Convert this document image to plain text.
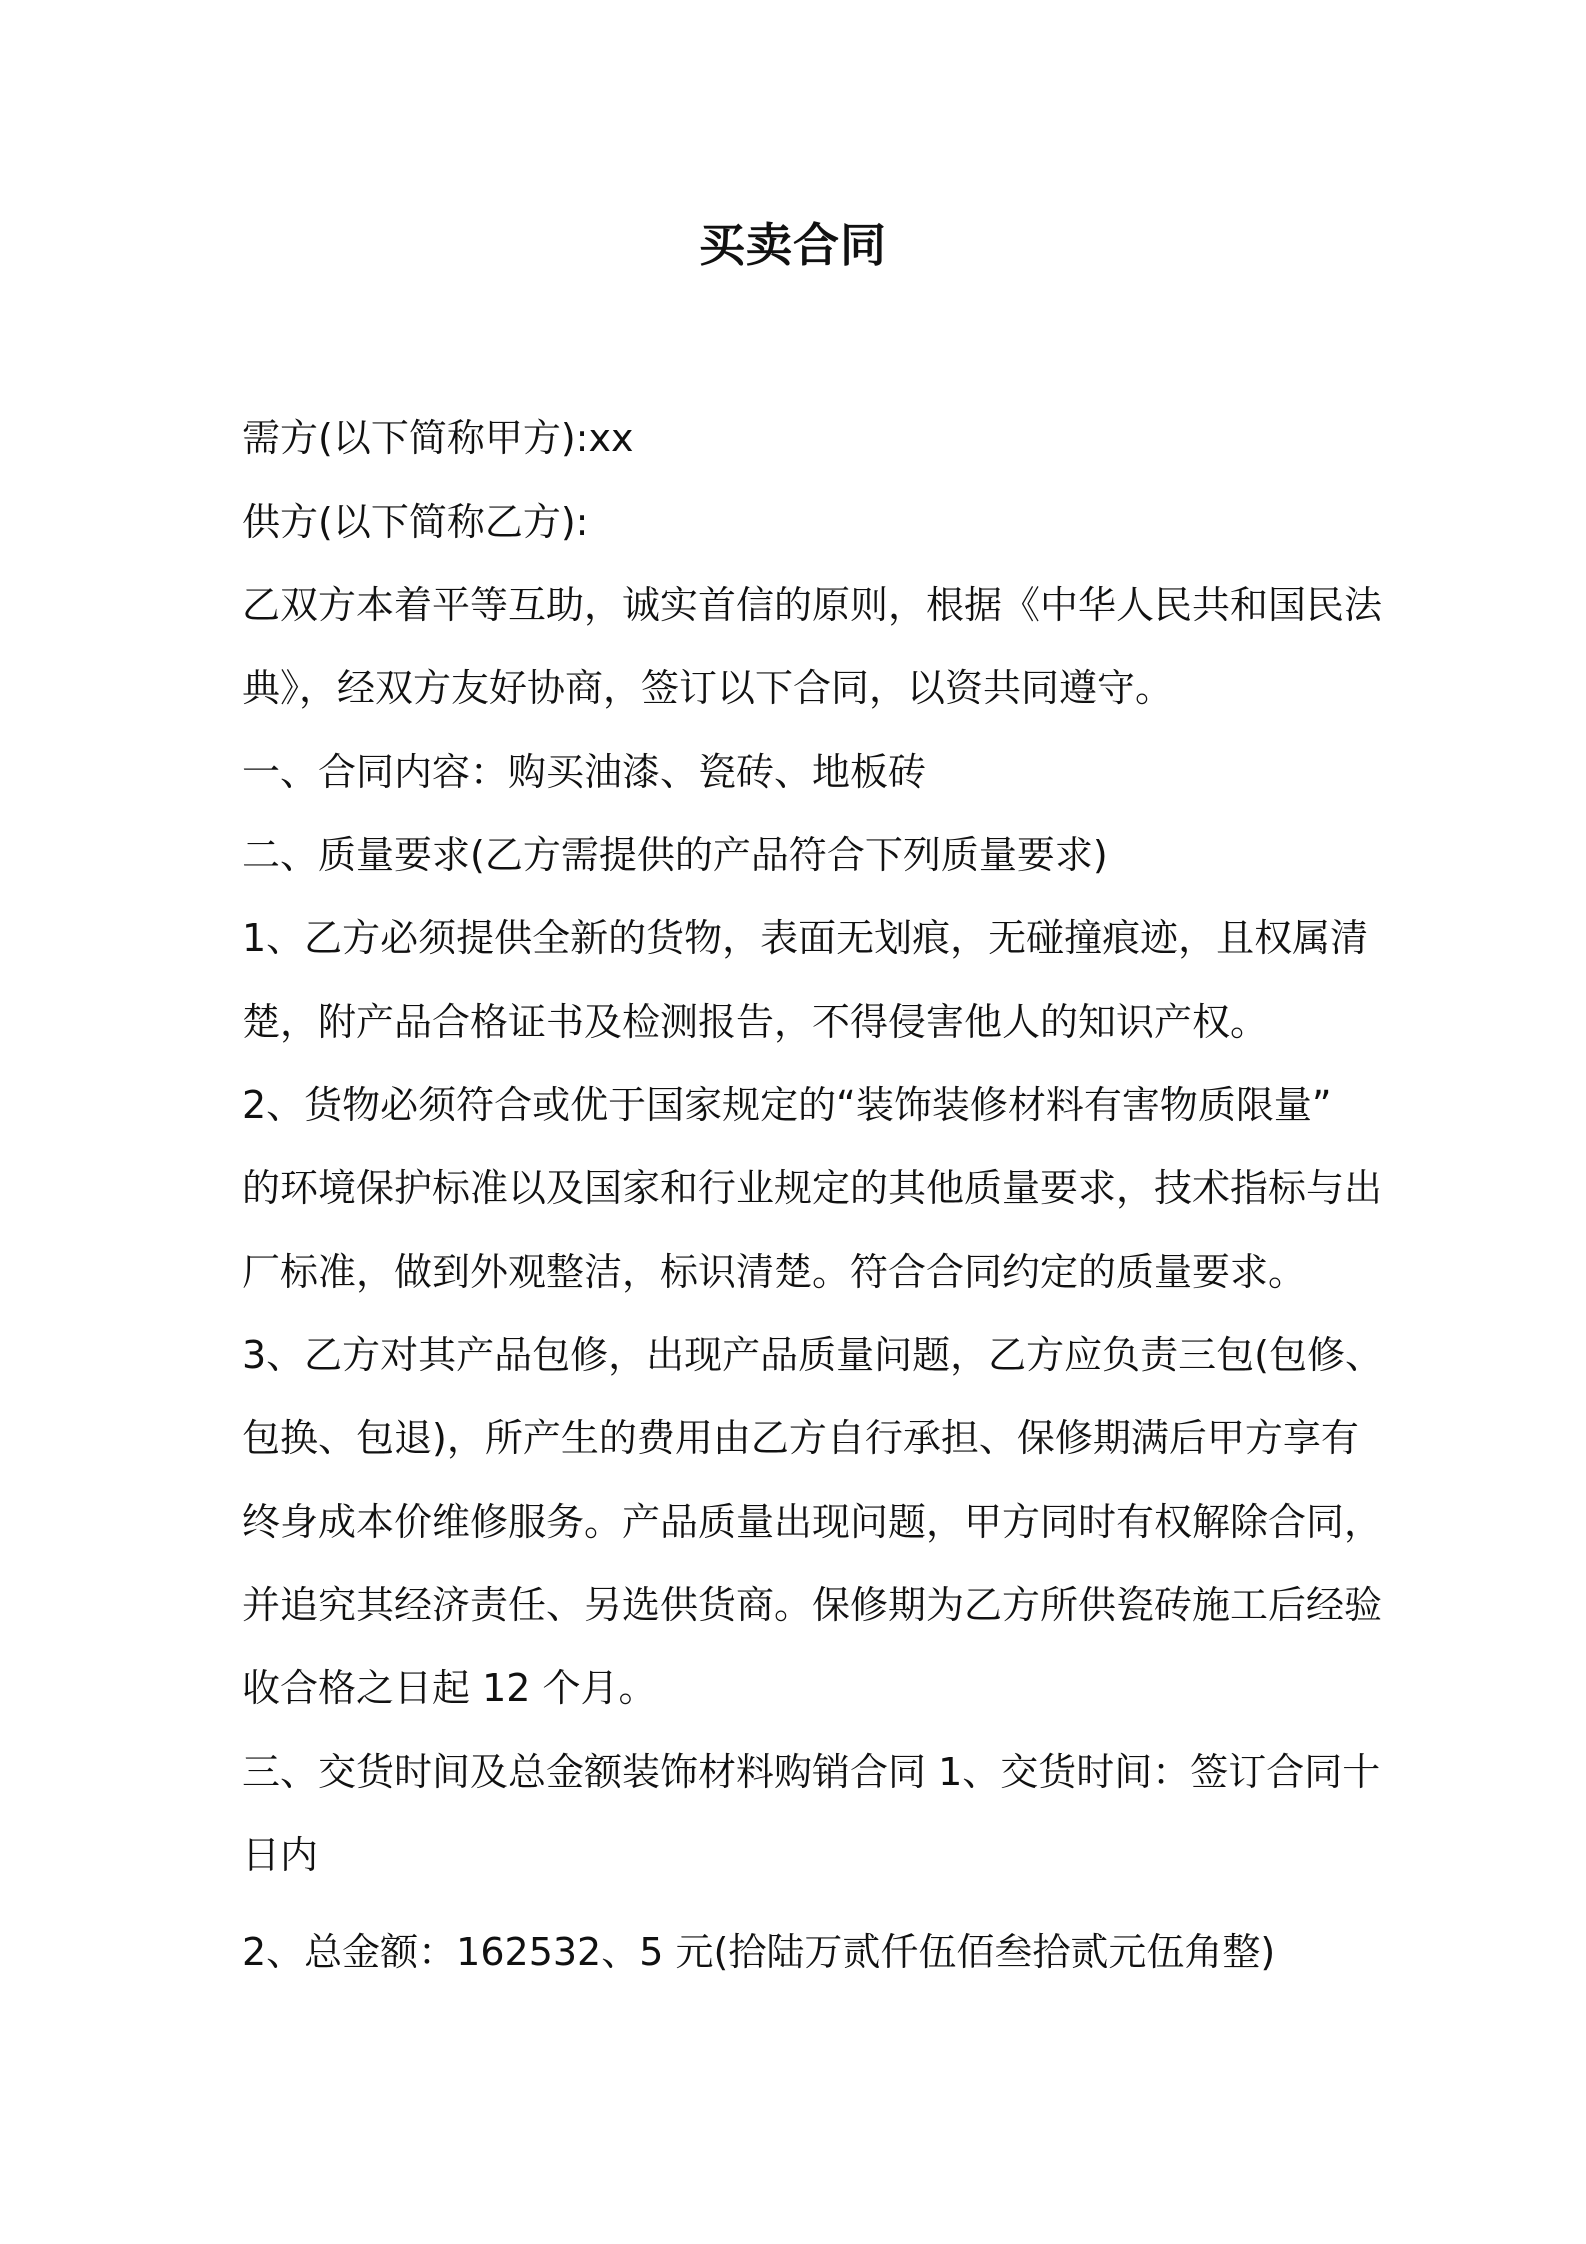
买卖合同
需方(以下简称甲方):xx
供方(以下简称乙方):
乙双方本着平等互助，诚实首信的原则，根据《中华人民共和国民法
典》，经双方友好协商，签订以下合同，以资共同遵守。
一、合同内容：购买油漆、瓷砖、地板砖
二、质量要求(乙方需提供的产品符合下列质量要求)
1、乙方必须提供全新的货物，表面无划痕，无碰撞痕迹，且权属清
楚，附产品合格证书及检测报告，不得侵害他人的知识产权。
2、货物必须符合或优于国家规定的“装饰装修材料有害物质限量”
的环境保护标准以及国家和行业规定的其他质量要求，技术指标与出
厂标准，做到外观整洁，标识清楚。符合合同约定的质量要求。
3、乙方对其产品包修，出现产品质量问题，乙方应负责三包(包修、
包换、包退)，所产生的费用由乙方自行承担、保修期满后甲方享有
终身成本价维修服务。产品质量出现问题，甲方同时有权解除合同，
并追究其经济责任、另选供货商。保修期为乙方所供瓷砖施工后经验
收合格之日起 12 个月。
三、交货时间及总金额装饰材料购销合同 1、交货时间：签订合同十
日内
2、总金额：162532、5 元(拾陆万贰仟伍佰叁拾贰元伍角整)
